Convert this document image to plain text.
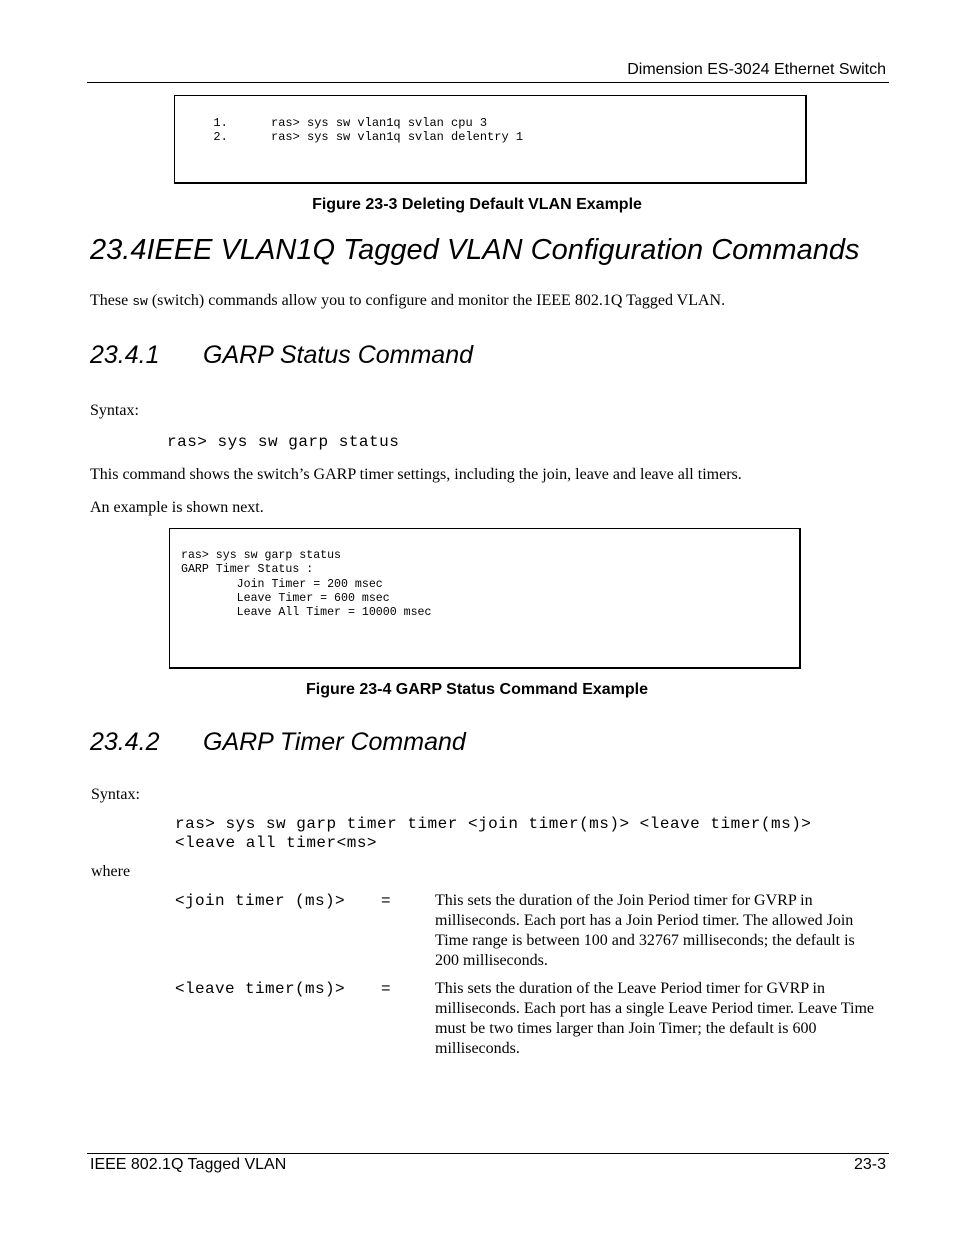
Dimension ES-3024 Ethernet Switch
1.      ras> sys sw vlan1q svlan cpu 3
2.      ras> sys sw vlan1q svlan delentry 1
Figure 23-3 Deleting Default VLAN Example
23.4IEEE VLAN1Q Tagged VLAN Configuration Commands
These sw (switch) commands allow you to configure and monitor the IEEE 802.1Q Tagged VLAN.
23.4.1 GARP Status Command
Syntax:
ras> sys sw garp status
This command shows the switch’s GARP timer settings, including the join, leave and leave all timers.
An example is shown next.
ras> sys sw garp status
GARP Timer Status :
Join Timer = 200 msec
Leave Timer = 600 msec
Leave All Timer = 10000 msec
Figure 23-4 GARP Status Command Example
23.4.2 GARP Timer Command
Syntax:
ras> sys sw garp timer timer <join timer(ms)> <leave timer(ms)>
<leave all timer<ms>
where
<join timer (ms)> =	This sets the duration of the Join Period timer for GVRP in milliseconds. Each port has a Join Period timer. The allowed Join Time range is between 100 and 32767 milliseconds; the default is 200 milliseconds.
<leave timer(ms)> =	This sets the duration of the Leave Period timer for GVRP in milliseconds. Each port has a single Leave Period timer. Leave Time must be two times larger than Join Timer; the default is 600 milliseconds.
IEEE 802.1Q Tagged VLAN	23-3
